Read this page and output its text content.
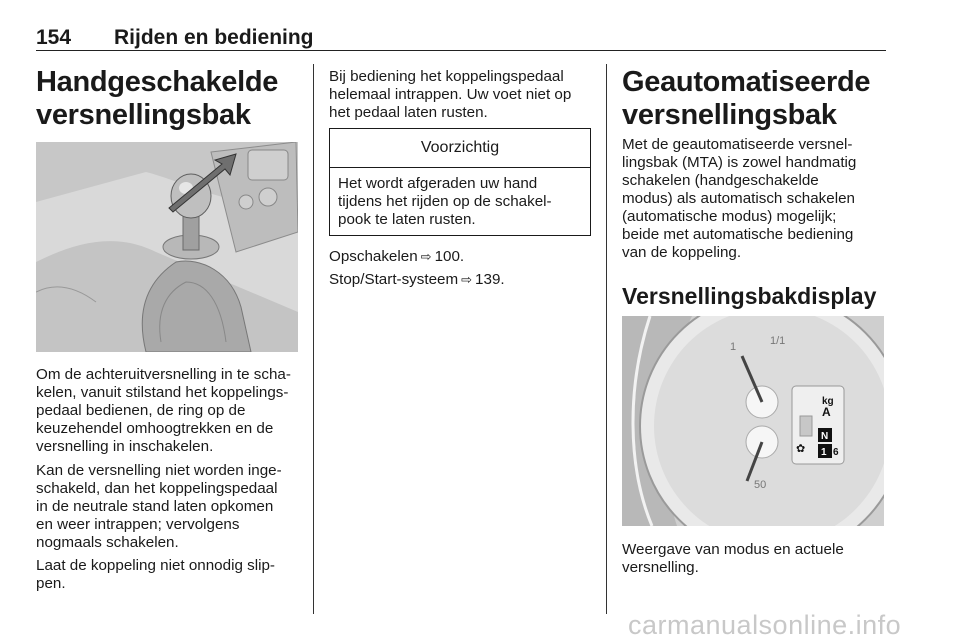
154 Rijden en bediening
Handgeschakelde
versnellingsbak

Om de achteruitversnelling in te scha-
kelen, vanuit stilstand het koppelings-
pedaal bedienen, de ring op de
keuzehendel omhoogtrekken en de
versnelling in inschakelen.

Kan de versnelling niet worden inge-
schakeld, dan het koppelingspedaal
in de neutrale stand laten opkomen
en weer intrappen; vervolgens
nogmaals schakelen.

Laat de koppeling niet onnodig slip-
pen.

Bij bediening het koppelingspedaal
helemaal intrappen. Uw voet niet op
het pedaal laten rusten.

Voorzichtig
Het wordt afgeraden uw hand
tijdens het rijden op de schakel-
pook te laten rusten.

Opschakelen ⇨ 100.

Stop/Start-systeem ⇨ 139.

Geautomatiseerde
versnellingsbak

Met de geautomatiseerde versnel-
lingsbak (MTA) is zowel handmatig
schakelen (handgeschakelde
modus) als automatisch schakelen
(automatische modus) mogelijk;
beide met automatische bediening
van de koppeling.

Versnellingsbakdisplay
1/1
50
1
kg
A
N
1 6
✿

Weergave van modus en actuele
versnelling.

carmanualsonline.info
